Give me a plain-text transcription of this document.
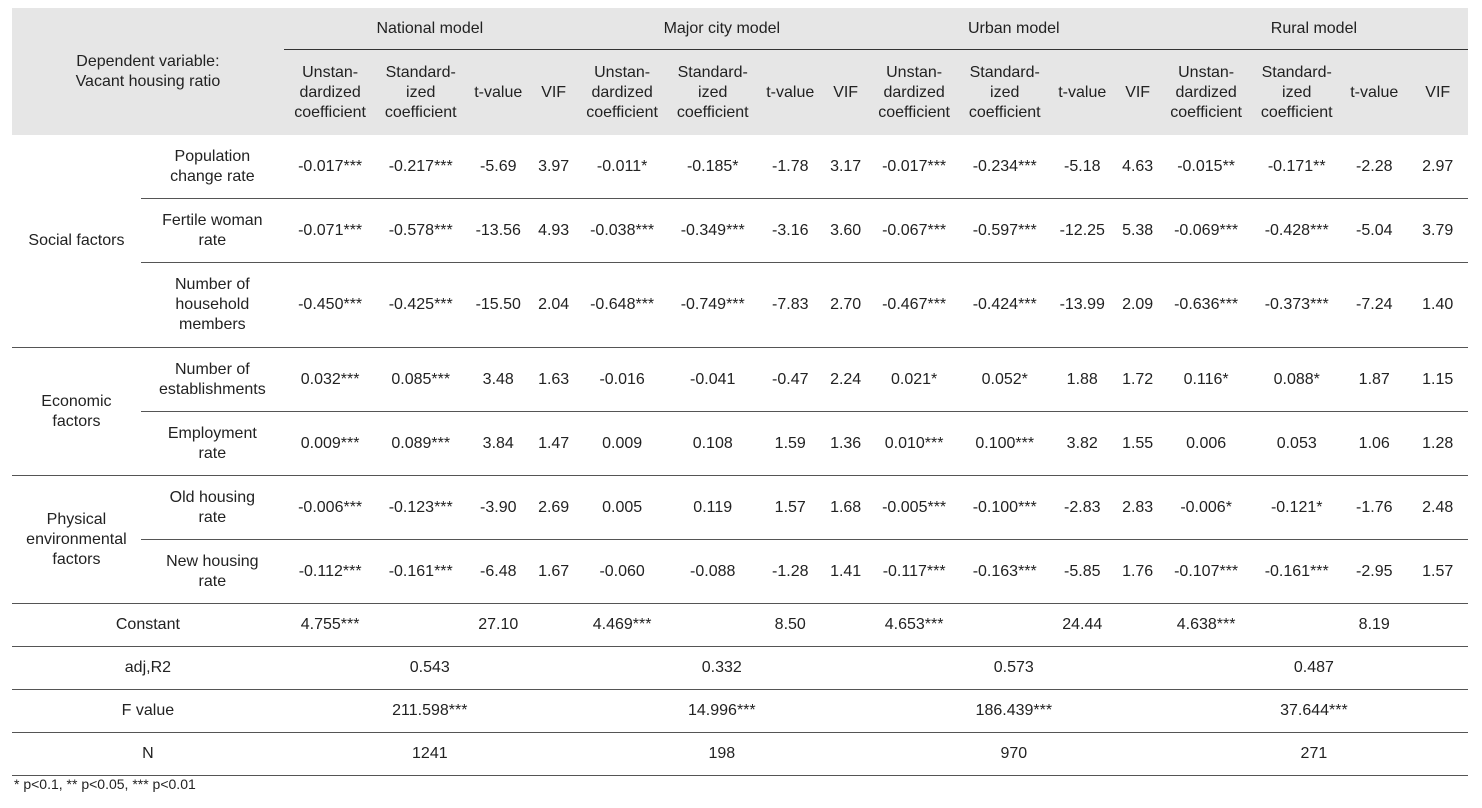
Dependent variable:
Vacant housing ratio		National model				Major city model				Urban model				Rural model			
		Unstan-
dardized
coefficient	Standard-
ized
coefficient	t-value	VIF	Unstan-
dardized
coefficient	Standard-
ized
coefficient	t-value	VIF	Unstan-
dardized
coefficient	Standard-
ized
coefficient	t-value	VIF	Unstan-
dardized
coefficient	Standard-
ized
coefficient	t-value	VIF
Social factors	Population
change rate	-0.017***	-0.217***	-5.69	3.97	-0.011*	-0.185*	-1.78	3.17	-0.017***	-0.234***	-5.18	4.63	-0.015**	-0.171**	-2.28	2.97
	Fertile woman
rate	-0.071***	-0.578***	-13.56	4.93	-0.038***	-0.349***	-3.16	3.60	-0.067***	-0.597***	-12.25	5.38	-0.069***	-0.428***	-5.04	3.79
	Number of
household
members	-0.450***	-0.425***	-15.50	2.04	-0.648***	-0.749***	-7.83	2.70	-0.467***	-0.424***	-13.99	2.09	-0.636***	-0.373***	-7.24	1.40
Economic
factors	Number of
establishments	0.032***	0.085***	3.48	1.63	-0.016	-0.041	-0.47	2.24	0.021*	0.052*	1.88	1.72	0.116*	0.088*	1.87	1.15
	Employment
rate	0.009***	0.089***	3.84	1.47	0.009	0.108	1.59	1.36	0.010***	0.100***	3.82	1.55	0.006	0.053	1.06	1.28
Physical
environmental
factors	Old housing
rate	-0.006***	-0.123***	-3.90	2.69	0.005	0.119	1.57	1.68	-0.005***	-0.100***	-2.83	2.83	-0.006*	-0.121*	-1.76	2.48
	New housing
rate	-0.112***	-0.161***	-6.48	1.67	-0.060	-0.088	-1.28	1.41	-0.117***	-0.163***	-5.85	1.76	-0.107***	-0.161***	-2.95	1.57
Constant		4.755***		27.10		4.469***		8.50		4.653***		24.44		4.638***		8.19	
adj,R2		0.543				0.332				0.573				0.487			
F value		211.598***				14.996***				186.439***				37.644***			
N		1241				198				970				271			
* p<0.1, ** p<0.05, *** p<0.01
